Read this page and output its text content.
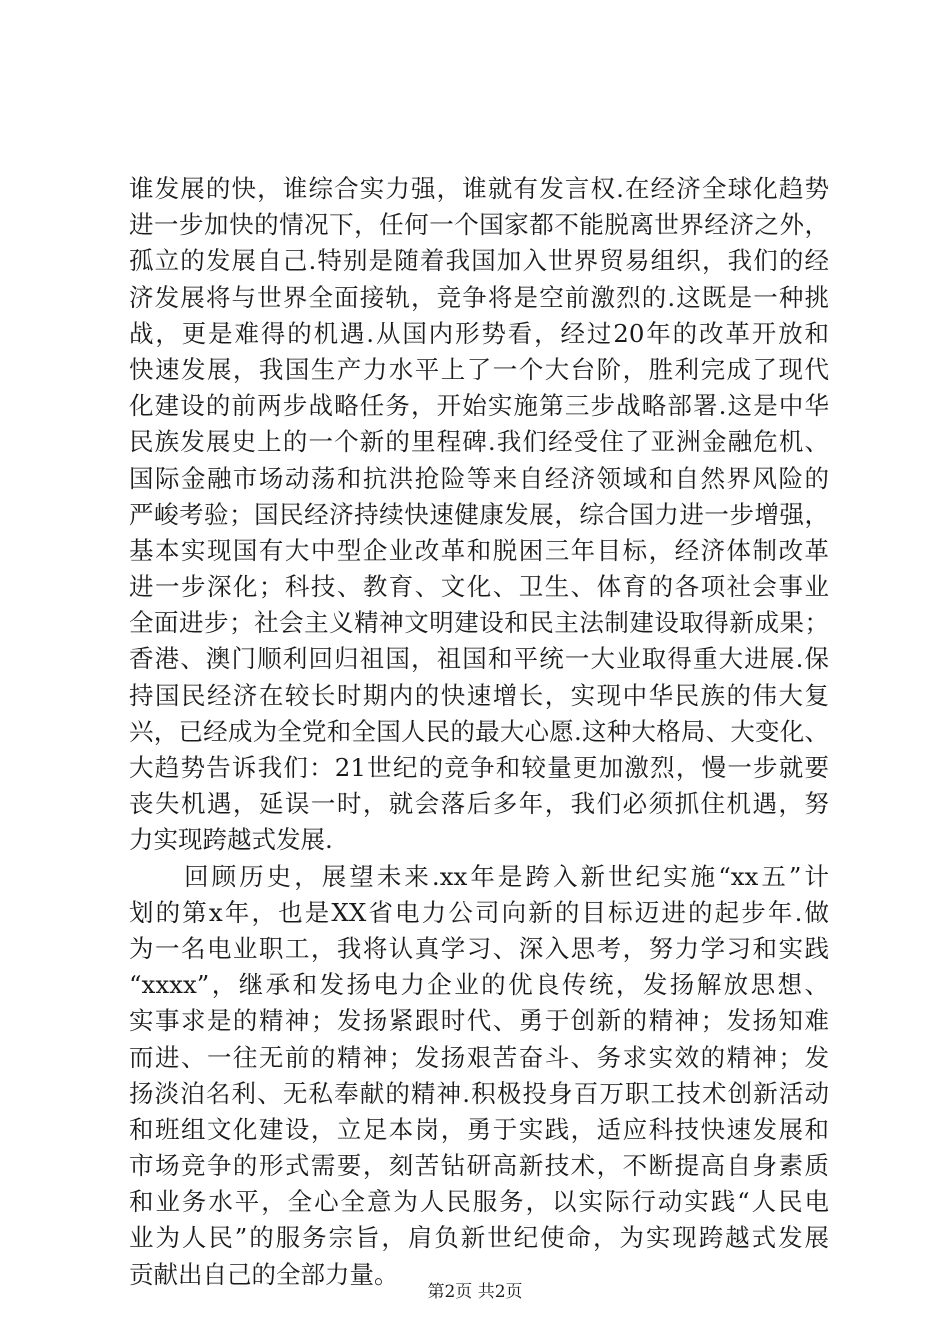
谁发展的快，谁综合实力强，谁就有发言权.在经济全球化趋势
进一步加快的情况下，任何一个国家都不能脱离世界经济之外，
孤立的发展自己.特别是随着我国加入世界贸易组织，我们的经
济发展将与世界全面接轨，竞争将是空前激烈的.这既是一种挑
战，更是难得的机遇.从国内形势看，经过20年的改革开放和
快速发展，我国生产力水平上了一个大台阶，胜利完成了现代
化建设的前两步战略任务，开始实施第三步战略部署.这是中华
民族发展史上的一个新的里程碑.我们经受住了亚洲金融危机、
国际金融市场动荡和抗洪抢险等来自经济领域和自然界风险的
严峻考验；国民经济持续快速健康发展，综合国力进一步增强，
基本实现国有大中型企业改革和脱困三年目标，经济体制改革
进一步深化；科技、教育、文化、卫生、体育的各项社会事业
全面进步；社会主义精神文明建设和民主法制建设取得新成果；
香港、澳门顺利回归祖国，祖国和平统一大业取得重大进展.保
持国民经济在较长时期内的快速增长，实现中华民族的伟大复
兴，已经成为全党和全国人民的最大心愿.这种大格局、大变化、
大趋势告诉我们：21世纪的竞争和较量更加激烈，慢一步就要
丧失机遇，延误一时，就会落后多年，我们必须抓住机遇，努
力实现跨越式发展.
　　回顾历史，展望未来.xx年是跨入新世纪实施“xx五”计
划的第x年，也是XX省电力公司向新的目标迈进的起步年.做
为一名电业职工，我将认真学习、深入思考，努力学习和实践
“xxxx”，继承和发扬电力企业的优良传统，发扬解放思想、
实事求是的精神；发扬紧跟时代、勇于创新的精神；发扬知难
而进、一往无前的精神；发扬艰苦奋斗、务求实效的精神；发
扬淡泊名利、无私奉献的精神.积极投身百万职工技术创新活动
和班组文化建设，立足本岗，勇于实践，适应科技快速发展和
市场竞争的形式需要，刻苦钻研高新技术，不断提高自身素质
和业务水平，全心全意为人民服务，以实际行动实践“人民电
业为人民”的服务宗旨，肩负新世纪使命，为实现跨越式发展
贡献出自己的全部力量。
第2页 共2页
